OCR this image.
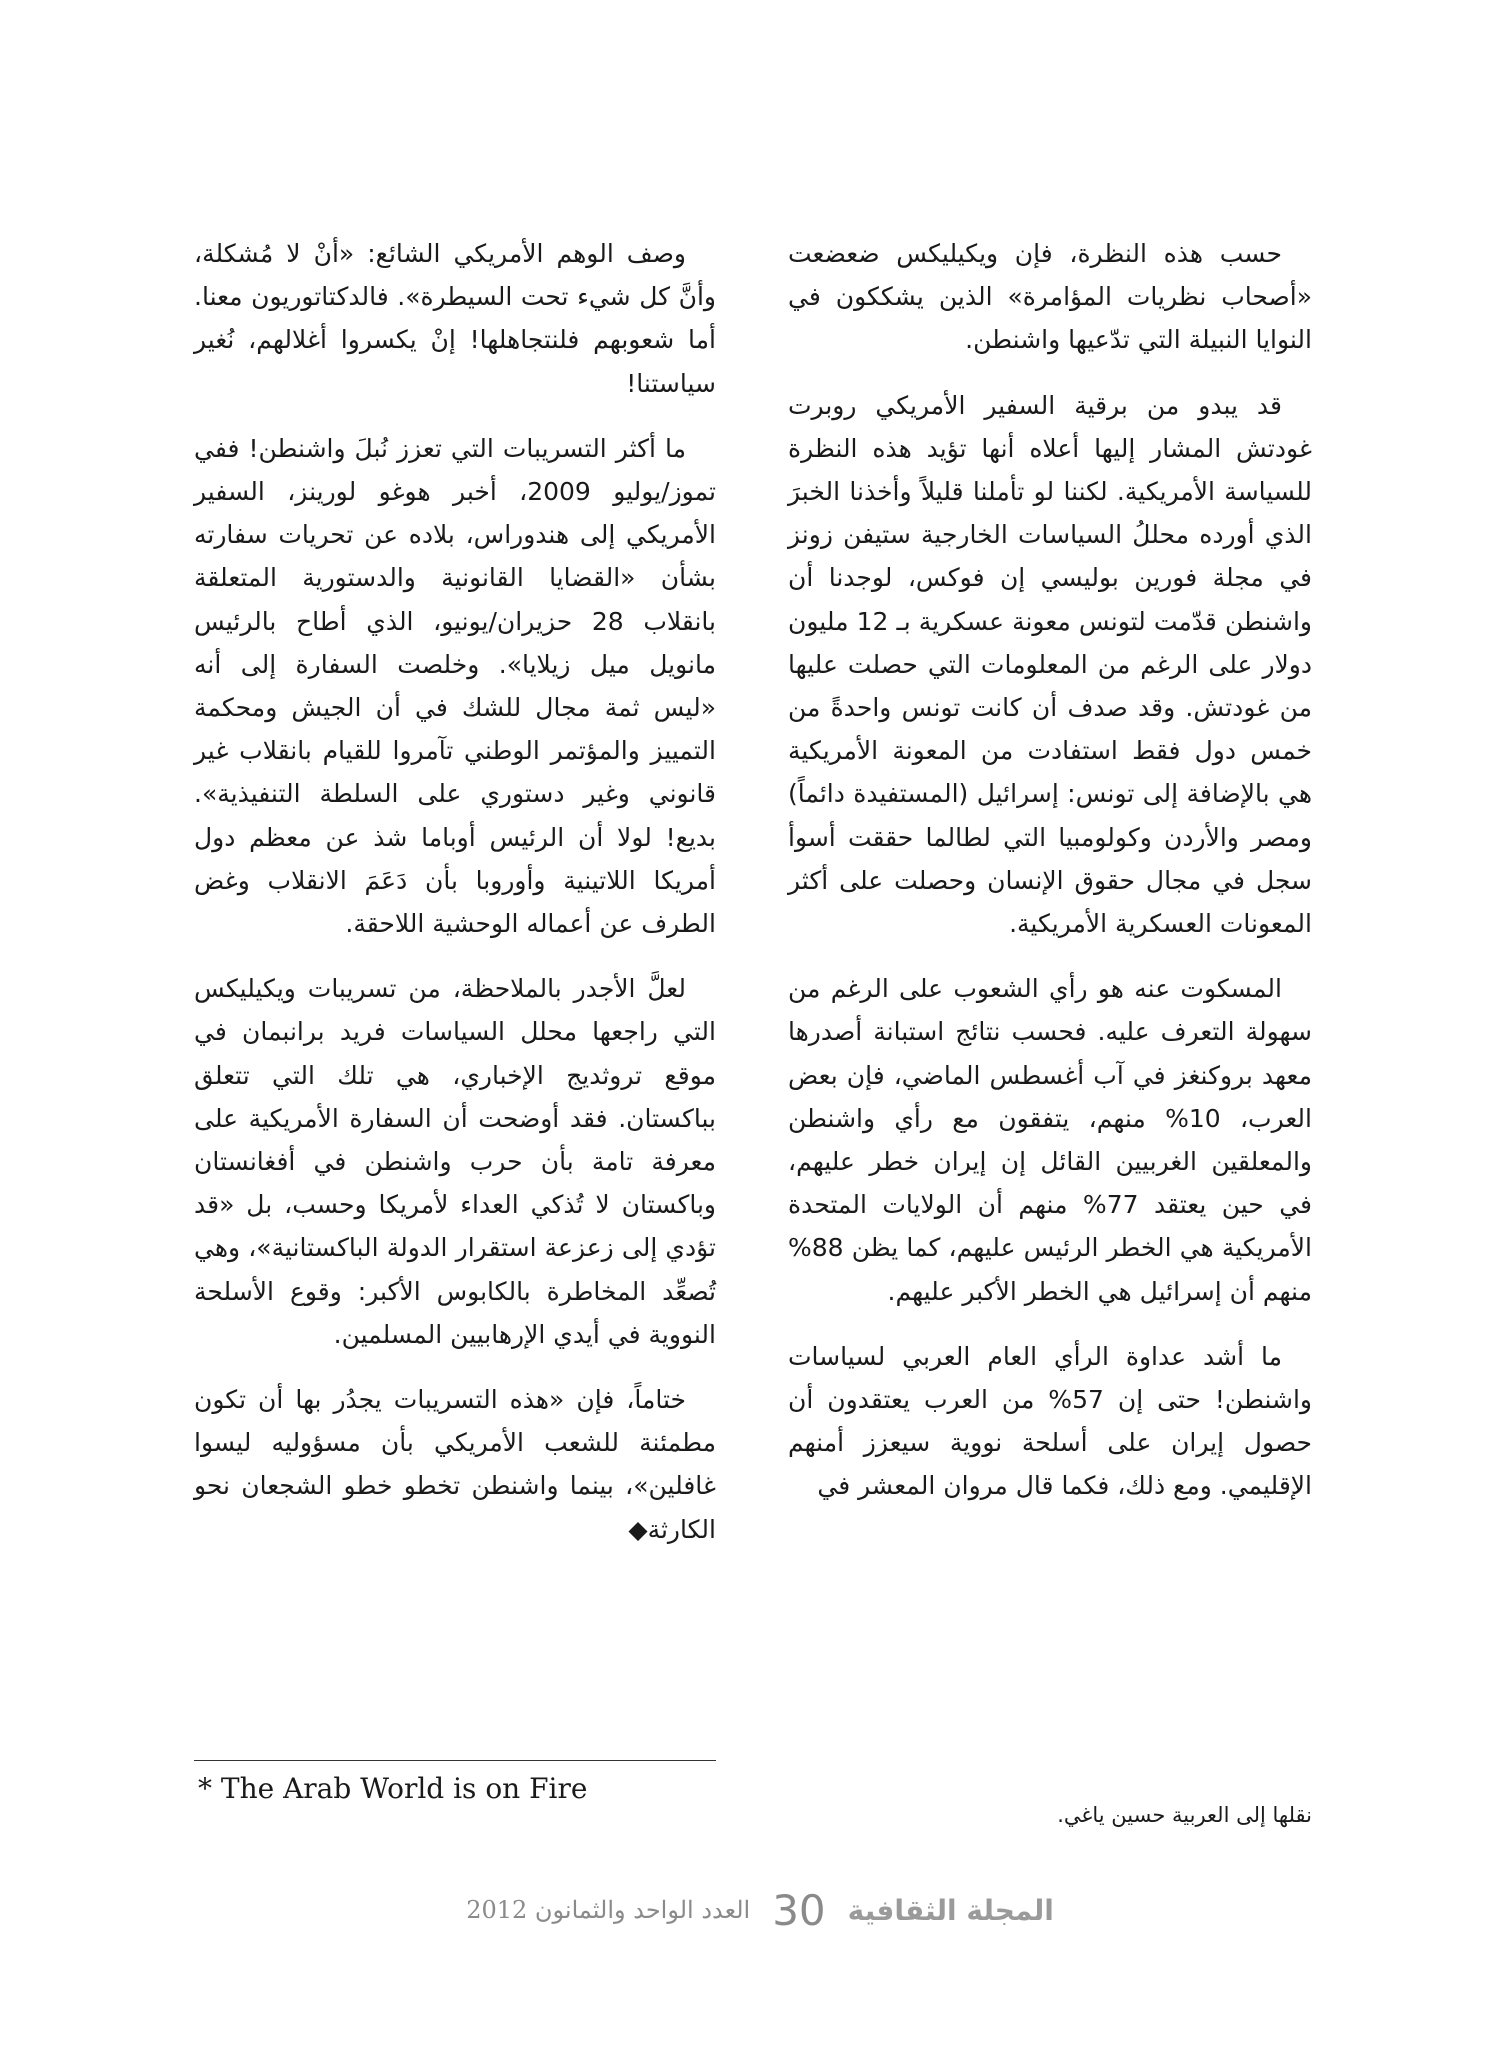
حسب هذه النظرة، فإن ويكيليكس ضعضعت «أصحاب نظريات المؤامرة» الذين يشككون في النوايا النبيلة التي تدّعيها واشنطن.

قد يبدو من برقية السفير الأمريكي روبرت غودتش المشار إليها أعلاه أنها تؤيد هذه النظرة للسياسة الأمريكية. لكننا لو تأملنا قليلاً وأخذنا الخبرَ الذي أورده محللُ السياسات الخارجية ستيفن زونز في مجلة فورين بوليسي إن فوكس، لوجدنا أن واشنطن قدّمت لتونس معونة عسكرية بـ 12 مليون دولار على الرغم من المعلومات التي حصلت عليها من غودتش. وقد صدف أن كانت تونس واحدةً من خمس دول فقط استفادت من المعونة الأمريكية هي بالإضافة إلى تونس: إسرائيل (المستفيدة دائماً) ومصر والأردن وكولومبيا التي لطالما حققت أسوأ سجل في مجال حقوق الإنسان وحصلت على أكثر المعونات العسكرية الأمريكية.

المسكوت عنه هو رأي الشعوب على الرغم من سهولة التعرف عليه. فحسب نتائج استبانة أصدرها معهد بروكنغز في آب أغسطس الماضي، فإن بعض العرب، 10% منهم، يتفقون مع رأي واشنطن والمعلقين الغربيين القائل إن إيران خطر عليهم، في حين يعتقد 77% منهم أن الولايات المتحدة الأمريكية هي الخطر الرئيس عليهم، كما يظن 88% منهم أن إسرائيل هي الخطر الأكبر عليهم.

ما أشد عداوة الرأي العام العربي لسياسات واشنطن! حتى إن 57% من العرب يعتقدون أن حصول إيران على أسلحة نووية سيعزز أمنهم الإقليمي. ومع ذلك، فكما قال مروان المعشر في

وصف الوهم الأمريكي الشائع: «أنْ لا مُشكلة، وأنَّ كل شيء تحت السيطرة». فالدكتاتوريون معنا. أما شعوبهم فلنتجاهلها! إنْ يكسروا أغلالهم، نُغير سياستنا!

ما أكثر التسريبات التي تعزز نُبلَ واشنطن! ففي تموز/يوليو 2009، أخبر هوغو لورينز، السفير الأمريكي إلى هندوراس، بلاده عن تحريات سفارته بشأن «القضايا القانونية والدستورية المتعلقة بانقلاب 28 حزيران/يونيو، الذي أطاح بالرئيس مانويل ميل زيلايا». وخلصت السفارة إلى أنه «ليس ثمة مجال للشك في أن الجيش ومحكمة التمييز والمؤتمر الوطني تآمروا للقيام بانقلاب غير قانوني وغير دستوري على السلطة التنفيذية». بديع! لولا أن الرئيس أوباما شذ عن معظم دول أمريكا اللاتينية وأوروبا بأن دَعَمَ الانقلاب وغض الطرف عن أعماله الوحشية اللاحقة.

لعلَّ الأجدر بالملاحظة، من تسريبات ويكيليكس التي راجعها محلل السياسات فريد برانبمان في موقع تروثديج الإخباري، هي تلك التي تتعلق بباكستان. فقد أوضحت أن السفارة الأمريكية على معرفة تامة بأن حرب واشنطن في أفغانستان وباكستان لا تُذكي العداء لأمريكا وحسب، بل «قد تؤدي إلى زعزعة استقرار الدولة الباكستانية»، وهي تُصعِّد المخاطرة بالكابوس الأكبر: وقوع الأسلحة النووية في أيدي الإرهابيين المسلمين.

ختاماً، فإن «هذه التسريبات يجدُر بها أن تكون مطمئنة للشعب الأمريكي بأن مسؤوليه ليسوا غافلين»، بينما واشنطن تخطو خطو الشجعان نحو الكارثة◆

نقلها إلى العربية حسين ياغي.
* The Arab World is on Fire
المجلة الثقافية
30
العدد الواحد والثمانون 2012
